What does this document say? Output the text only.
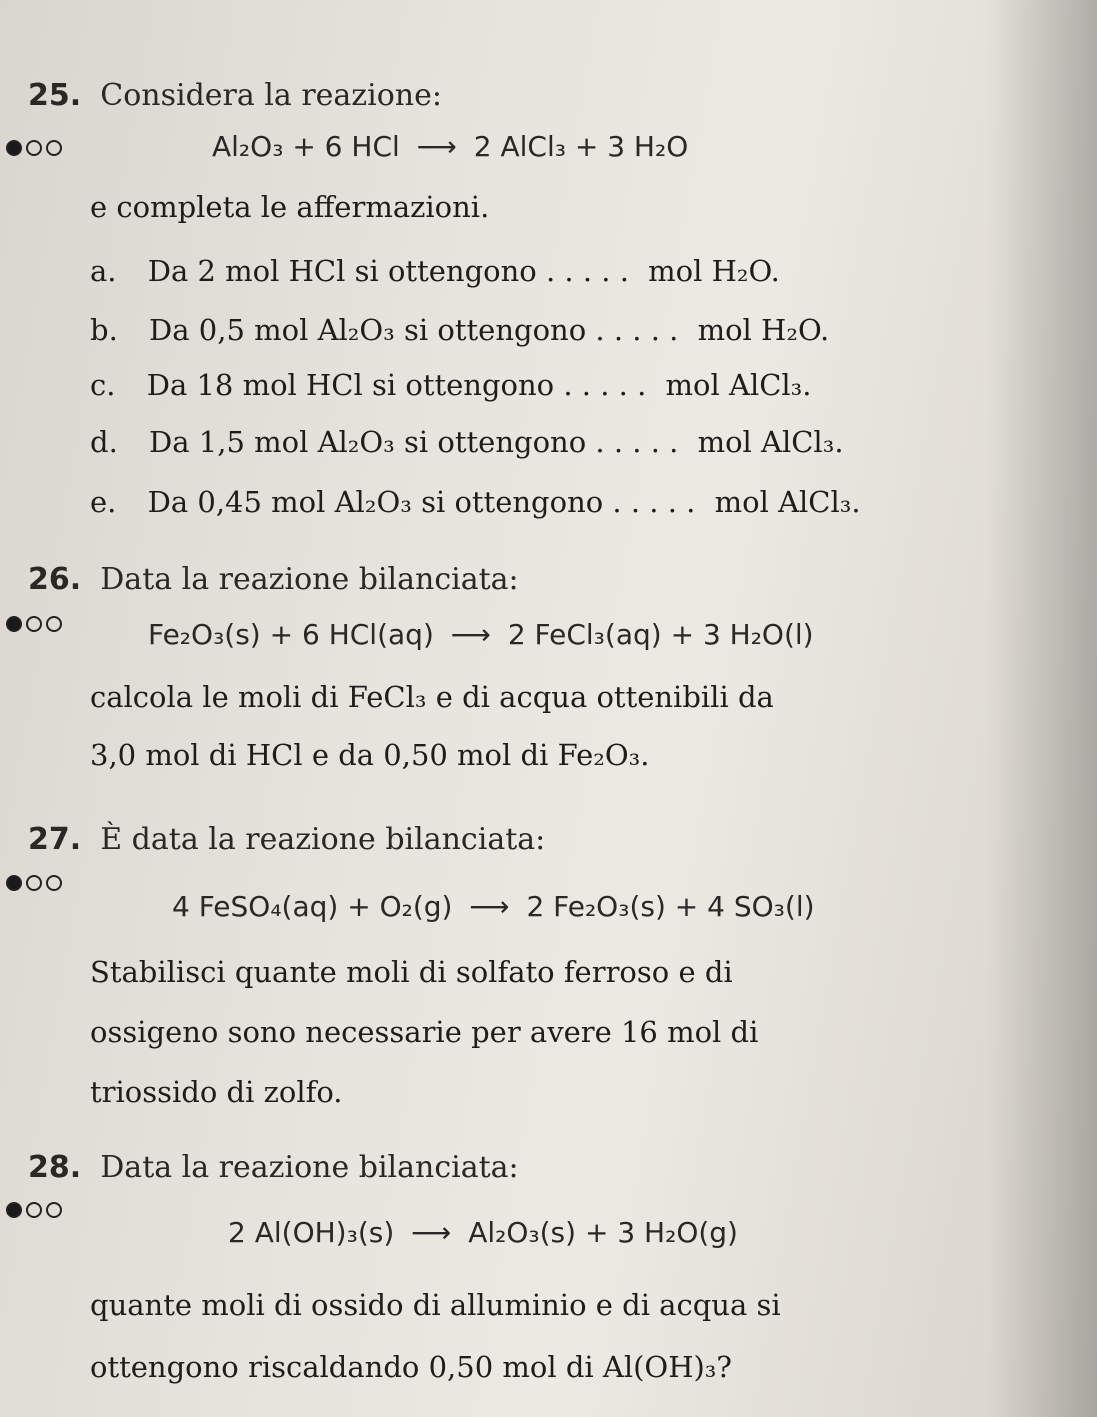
25. Considera la reazione:
Al₂O₃ + 6 HCl ⟶ 2 AlCl₃ + 3 H₂O
e completa le affermazioni.
a. Da 2 mol HCl si ottengono . . . . . mol H₂O.
b. Da 0,5 mol Al₂O₃ si ottengono . . . . . mol H₂O.
c. Da 18 mol HCl si ottengono . . . . . mol AlCl₃.
d. Da 1,5 mol Al₂O₃ si ottengono . . . . . mol AlCl₃.
e. Da 0,45 mol Al₂O₃ si ottengono . . . . . mol AlCl₃.
26. Data la reazione bilanciata:
Fe₂O₃(s) + 6 HCl(aq) ⟶ 2 FeCl₃(aq) + 3 H₂O(l)
calcola le moli di FeCl₃ e di acqua ottenibili da
3,0 mol di HCl e da 0,50 mol di Fe₂O₃.
27. È data la reazione bilanciata:
4 FeSO₄(aq) + O₂(g) ⟶ 2 Fe₂O₃(s) + 4 SO₃(l)
Stabilisci quante moli di solfato ferroso e di
ossigeno sono necessarie per avere 16 mol di
triossido di zolfo.
28. Data la reazione bilanciata:
2 Al(OH)₃(s) ⟶ Al₂O₃(s) + 3 H₂O(g)
quante moli di ossido di alluminio e di acqua si
ottengono riscaldando 0,50 mol di Al(OH)₃?
